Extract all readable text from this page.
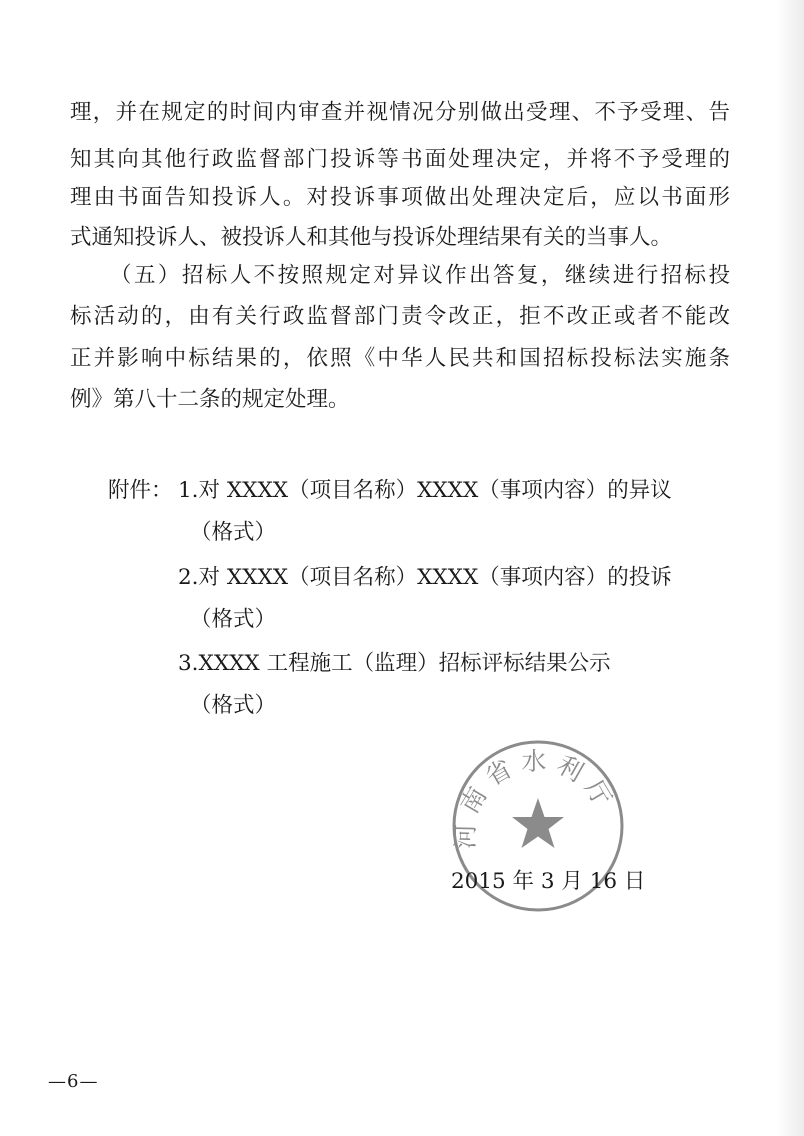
理，并在规定的时间内审查并视情况分别做出受理、不予受理、告
知其向其他行政监督部门投诉等书面处理决定，并将不予受理的
理由书面告知投诉人。对投诉事项做出处理决定后，应以书面形
式通知投诉人、被投诉人和其他与投诉处理结果有关的当事人。
（五）招标人不按照规定对异议作出答复，继续进行招标投
标活动的，由有关行政监督部门责令改正，拒不改正或者不能改
正并影响中标结果的，依照《中华人民共和国招标投标法实施条
例》第八十二条的规定处理。
附件： 1.对 XXXX（项目名称）XXXX（事项内容）的异议
（格式）
2.对 XXXX（项目名称）XXXX（事项内容）的投诉
（格式）
3.XXXX 工程施工（监理）招标评标结果公示
（格式）
河南省水利厅
2015 年 3 月 16 日
—6—
